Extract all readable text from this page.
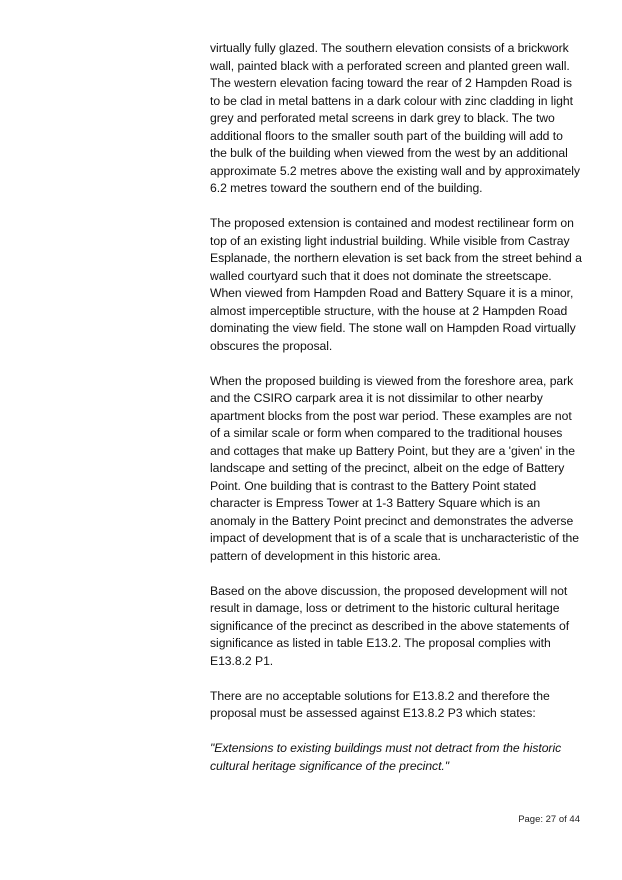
virtually fully glazed. The southern elevation consists of a brickwork wall, painted black with a perforated screen and planted green wall. The western elevation facing toward the rear of 2 Hampden Road is to be clad in metal battens in a dark colour with zinc cladding in light grey and perforated metal screens in dark grey to black. The two additional floors to the smaller south part of the building will add to the bulk of the building when viewed from the west by an additional approximate 5.2 metres above the existing wall and by approximately 6.2 metres toward the southern end of the building.

The proposed extension is contained and modest rectilinear form on top of an existing light industrial building. While visible from Castray Esplanade, the northern elevation is set back from the street behind a walled courtyard such that it does not dominate the streetscape. When viewed from Hampden Road and Battery Square it is a minor, almost imperceptible structure, with the house at 2 Hampden Road dominating the view field. The stone wall on Hampden Road virtually obscures the proposal.

When the proposed building is viewed from the foreshore area, park and the CSIRO carpark area it is not dissimilar to other nearby apartment blocks from the post war period. These examples are not of a similar scale or form when compared to the traditional houses and cottages that make up Battery Point, but they are a 'given' in the landscape and setting of the precinct, albeit on the edge of Battery Point. One building that is contrast to the Battery Point stated character is Empress Tower at 1-3 Battery Square which is an anomaly in the Battery Point precinct and demonstrates the adverse impact of development that is of a scale that is uncharacteristic of the pattern of development in this historic area.

Based on the above discussion, the proposed development will not result in damage, loss or detriment to the historic cultural heritage significance of the precinct as described in the above statements of significance as listed in table E13.2. The proposal complies with E13.8.2 P1.

There are no acceptable solutions for E13.8.2 and therefore the proposal must be assessed against E13.8.2 P3 which states:

"Extensions to existing buildings must not detract from the historic cultural heritage significance of the precinct."

Page: 27 of 44
